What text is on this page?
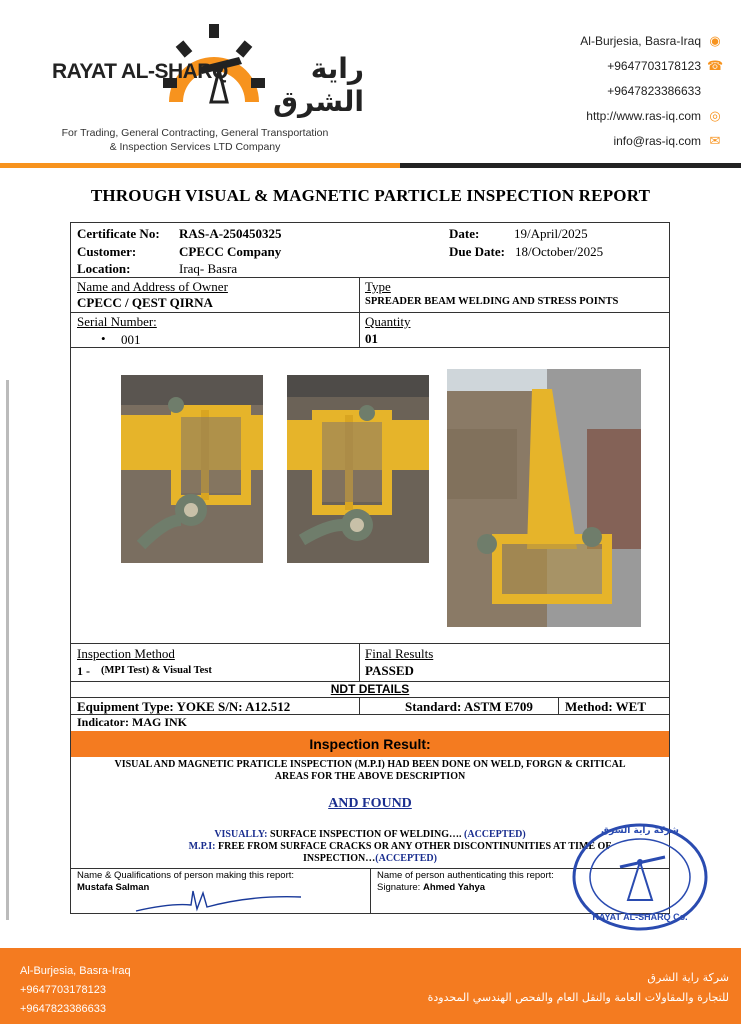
RAYAT AL-SHARQ	راية الشرق
For Trading, General Contracting, General Transportation
& Inspection Services LTD Company
Al-Burjesia, Basra-Iraq ◉
+9647703178123 ☎
+9647823386633
http://www.ras-iq.com ◎
info@ras-iq.com ✉
THROUGH VISUAL & MAGNETIC PARTICLE INSPECTION REPORT
Certificate No: RAS-A-250450325
Customer:	CPECC Company
Location:	Iraq- Basra
Date:	19/April/2025
Due Date: 18/October/2025
Name and Address of Owner
CPECC / QEST QIRNA
Type
SPREADER BEAM WELDING AND STRESS POINTS
Serial Number:
• 001
Quantity
01
Inspection Method
1 - (MPI Test) & Visual Test
Final Results
PASSED
NDT DETAILS
Equipment Type: YOKE S/N: A12.512	Standard: ASTM E709 Method: WET
Indicator: MAG INK
Inspection Result:
VISUAL AND MAGNETIC PRATICLE INSPECTION (M.P.I) HAD BEEN DONE ON WELD, FORGN & CRITICAL
AREAS FOR THE ABOVE DESCRIPTION
AND FOUND
VISUALLY: SURFACE INSPECTION OF WELDING…. (ACCEPTED)
M.P.I: FREE FROM SURFACE CRACKS OR ANY OTHER DISCONTINUNITIES AT TIME OF
INSPECTION…(ACCEPTED)
Name & Qualifications of person making this report:
Mustafa Salman
Name of person authenticating this report:
Signature: Ahmed Yahya
شركة راية الشرق
RAYAT AL-SHARQ Co.
Al-Burjesia, Basra-Iraq
+9647703178123
+9647823386633
شركة راية الشرق
للتجارة والمقاولات العامة والنقل العام والفحص الهندسي المحدودة
